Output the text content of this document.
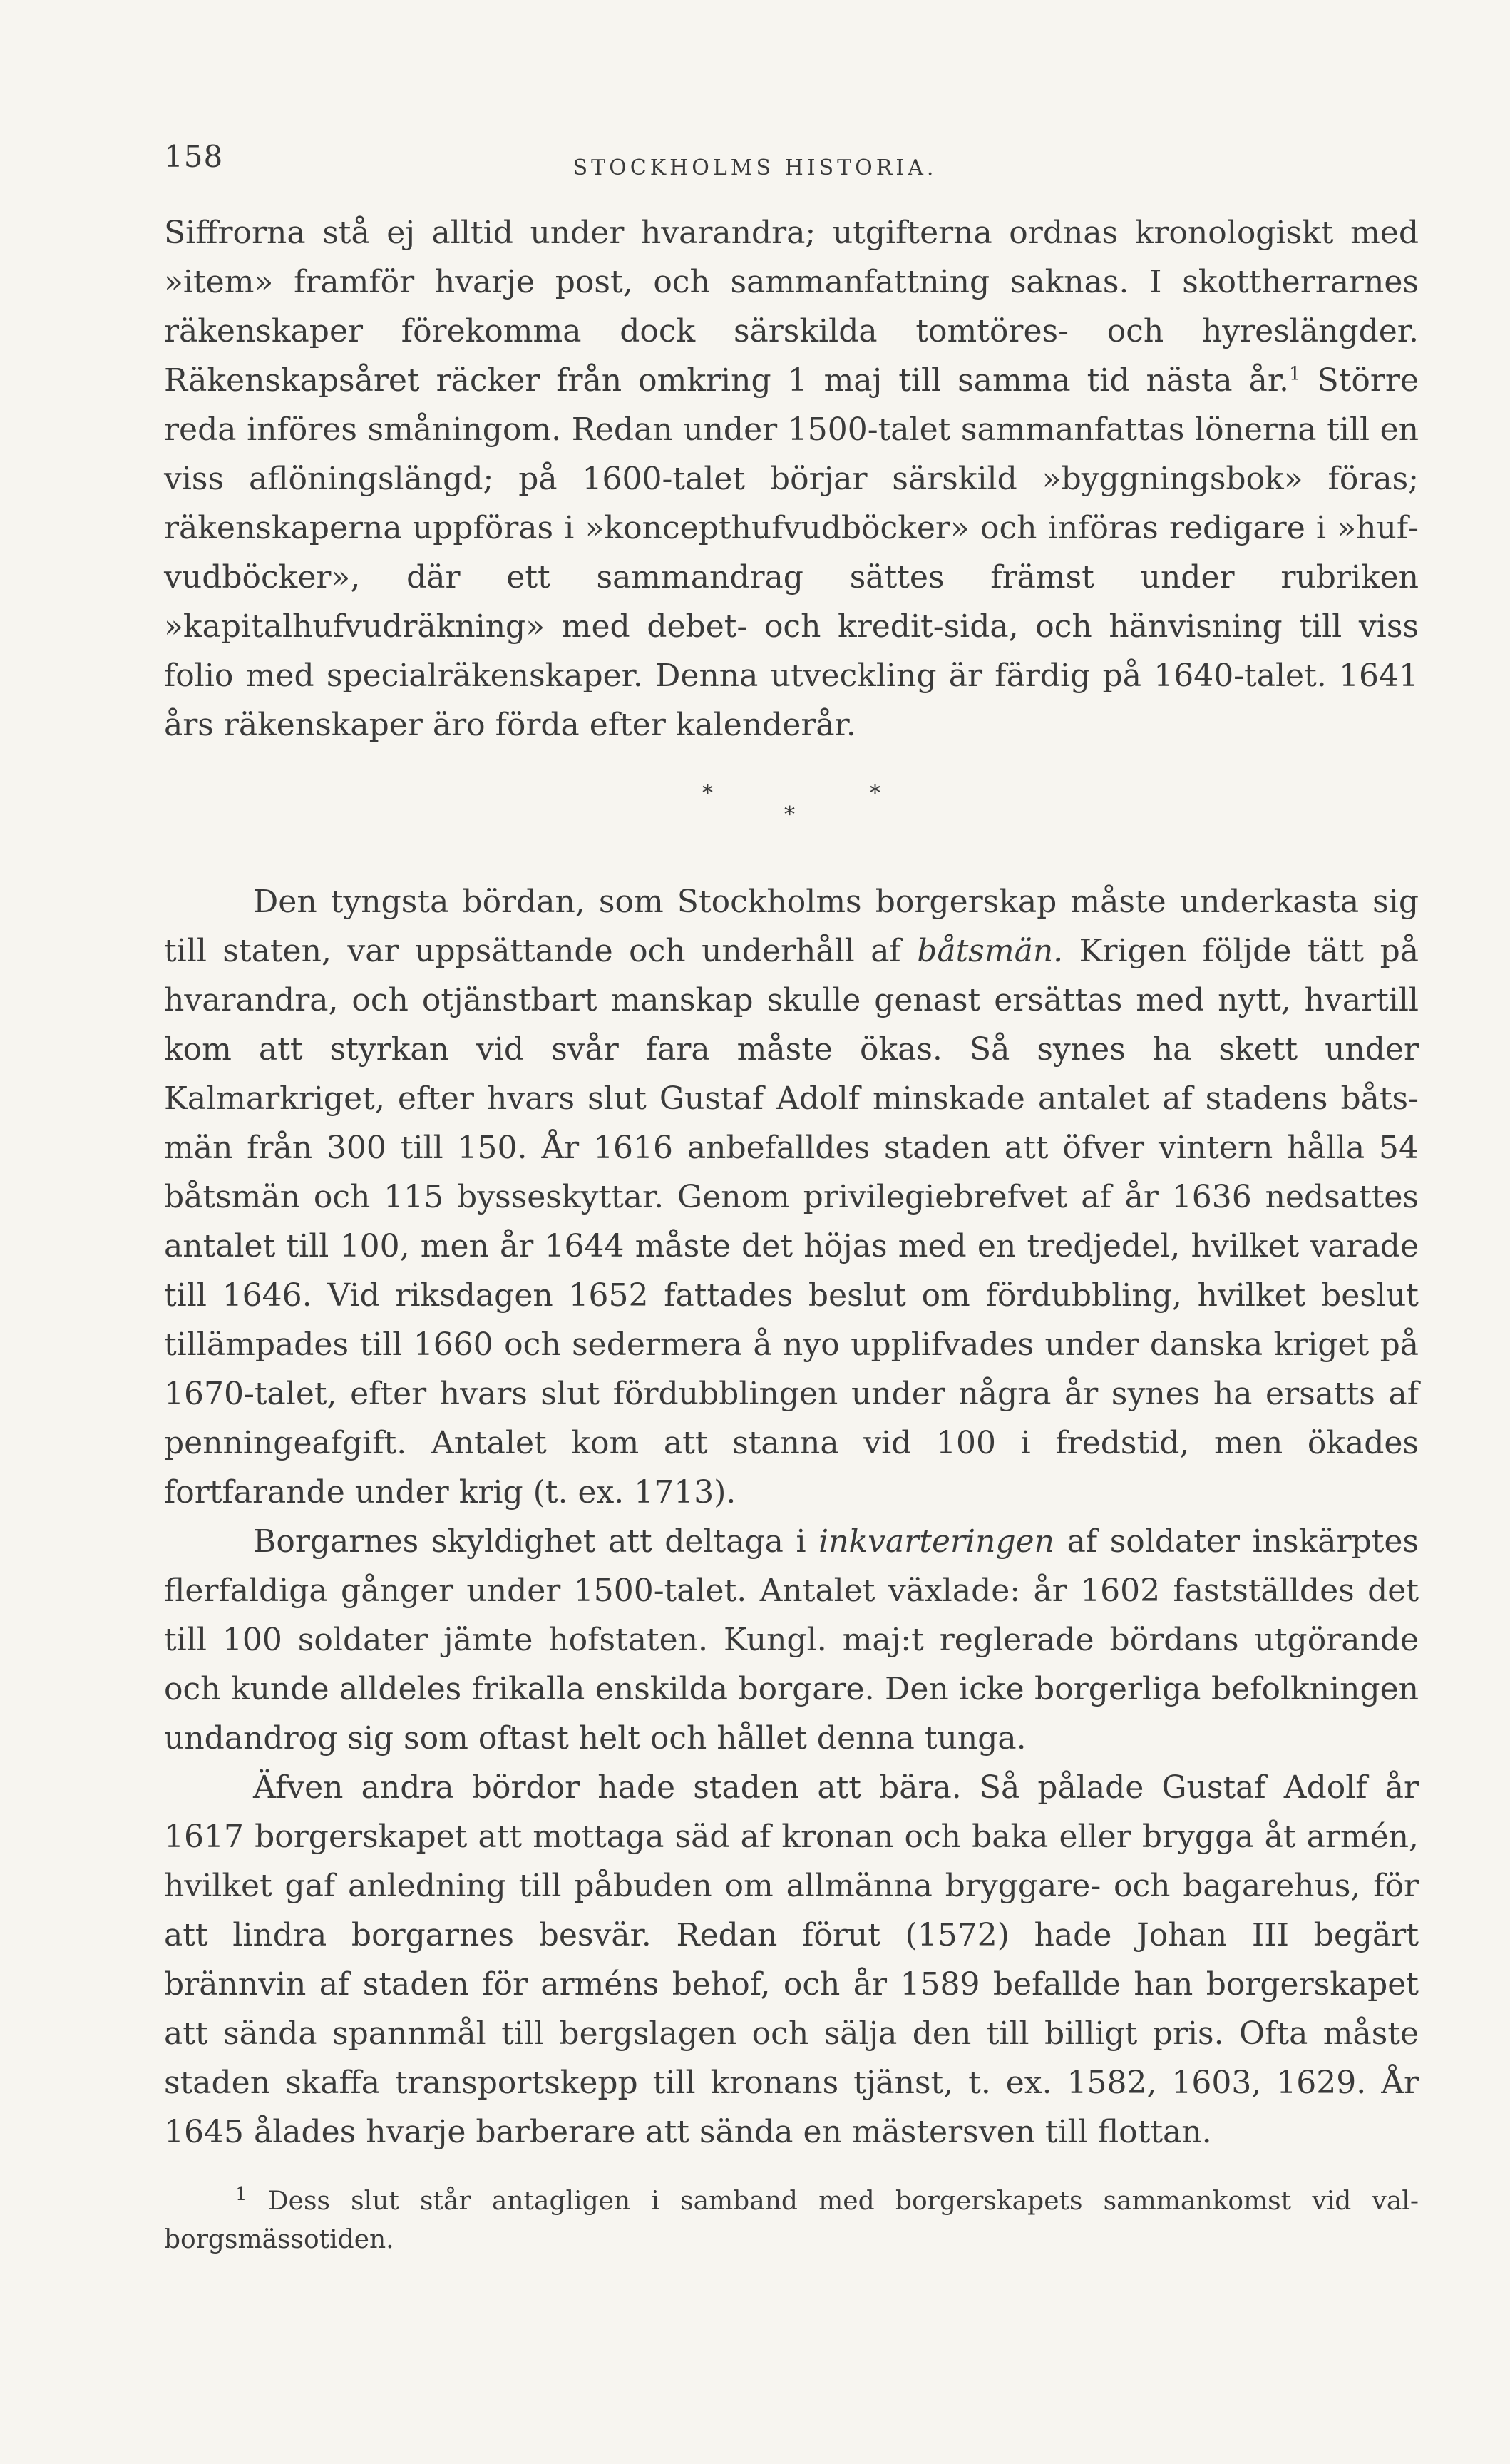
158	STOCKHOLMS HISTORIA.

Siffrorna stå ej alltid under hvarandra; utgifterna ordnas kronologiskt med »item» framför hvarje post, och sammanfattning saknas. I skottherrarnes räkenskaper förekomma dock särskilda tomtöres- och hyreslängder. Räkenskapsåret räcker från omkring 1 maj till samma tid nästa år.$^1$ Större reda införes småningom. Redan under 1500-talet sammanfattas lönerna till en viss aflöningslängd; på 1600-talet börjar särskild »byggningsbok» föras; räkenskaperna uppföras i »koncepthufvudböcker» och införas redigare i »hufvudböcker», där ett sammandrag sättes främst under rubriken »kapitalhufvudräkning» med debet- och kredit-sida, och hänvisning till viss folio med specialräkenskaper. Denna utveckling är färdig på 1640-talet. 1641 års räkenskaper äro förda efter kalenderår.

*	*
*

Den tyngsta bördan, som Stockholms borgerskap måste underkasta sig till staten, var uppsättande och underhåll af båtsmän. Krigen följde tätt på hvarandra, och otjänstbart manskap skulle genast ersättas med nytt, hvartill kom att styrkan vid svår fara måste ökas. Så synes ha skett under Kalmarkriget, efter hvars slut Gustaf Adolf minskade antalet af stadens båtsmän från 300 till 150. År 1616 anbefalldes staden att öfver vintern hålla 54 båtsmän och 115 bysseskyttar. Genom privilegiebrefvet af år 1636 nedsattes antalet till 100, men år 1644 måste det höjas med en tredjedel, hvilket varade till 1646. Vid riksdagen 1652 fattades beslut om fördubbling, hvilket beslut tillämpades till 1660 och sedermera å nyo upplifvades under danska kriget på 1670-talet, efter hvars slut fördubblingen under några år synes ha ersatts af penningeafgift. Antalet kom att stanna vid 100 i fredstid, men ökades fortfarande under krig (t. ex. 1713).

Borgarnes skyldighet att deltaga i inkvarteringen af soldater inskärptes flerfaldiga gånger under 1500-talet. Antalet växlade: år 1602 fastställdes det till 100 soldater jämte hofstaten. Kungl. maj:t reglerade bördans utgörande och kunde alldeles frikalla enskilda borgare. Den icke borgerliga befolkningen undandrog sig som oftast helt och hållet denna tunga.

Äfven andra bördor hade staden att bära. Så pålade Gustaf Adolf år 1617 borgerskapet att mottaga säd af kronan och baka eller brygga åt armén, hvilket gaf anledning till påbuden om allmänna bryggare- och bagarehus, för att lindra borgarnes besvär. Redan förut (1572) hade Johan III begärt brännvin af staden för arméns behof, och år 1589 befallde han borgerskapet att sända spannmål till bergslagen och sälja den till billigt pris. Ofta måste staden skaffa transportskepp till kronans tjänst, t. ex. 1582, 1603, 1629. År 1645 ålades hvarje barberare att sända en mästersven till flottan.

$^1$ Dess slut står antagligen i samband med borgerskapets sammankomst vid valborgsmässotiden.
